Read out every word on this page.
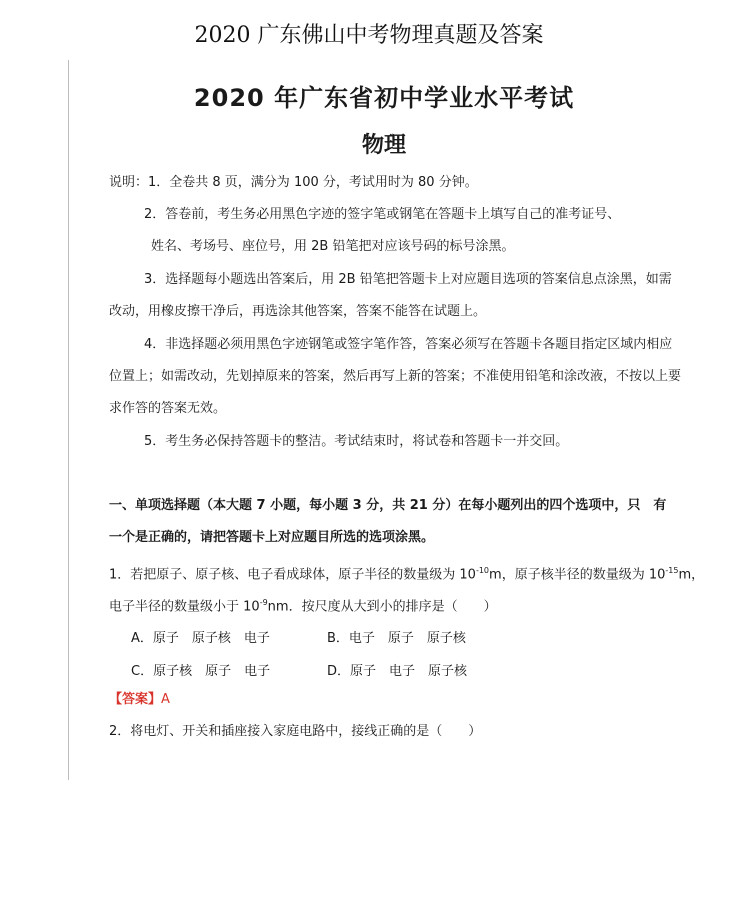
2020 广东佛山中考物理真题及答案
2020 年广东省初中学业水平考试
物理
说明：1．全卷共 8 页，满分为 100 分，考试用时为 80 分钟。
2．答卷前，考生务必用黑色字迹的签字笔或钢笔在答题卡上填写自己的准考证号、
姓名、考场号、座位号，用 2B 铅笔把对应该号码的标号涂黑。
3．选择题每小题选出答案后，用 2B 铅笔把答题卡上对应题目选项的答案信息点涂黑，如需
改动，用橡皮擦干净后，再选涂其他答案，答案不能答在试题上。
4．非选择题必须用黑色字迹钢笔或签字笔作答，答案必须写在答题卡各题目指定区域内相应
位置上；如需改动，先划掉原来的答案，然后再写上新的答案；不准使用铅笔和涂改液，不按以上要
求作答的答案无效。
5．考生务必保持答题卡的整洁。考试结束时，将试卷和答题卡一并交回。
一、单项选择题（本大题 7 小题，每小题 3 分，共 21 分）在每小题列出的四个选项中，只　有
一个是正确的，请把答题卡上对应题目所选的选项涂黑。
1．若把原子、原子核、电子看成球体，原子半径的数量级为 $10^{-10}m$，原子核半径的数量级为 $10^{-15}m$，
电子半径的数量级小于 $10^{-9}nm$．按尺度从大到小的排序是（　　）
A．原子　原子核　电子	B．电子　原子　原子核
C．原子核　原子　电子	D．原子　电子　原子核
【答案】A
2．将电灯、开关和插座接入家庭电路中，接线正确的是（　　）
